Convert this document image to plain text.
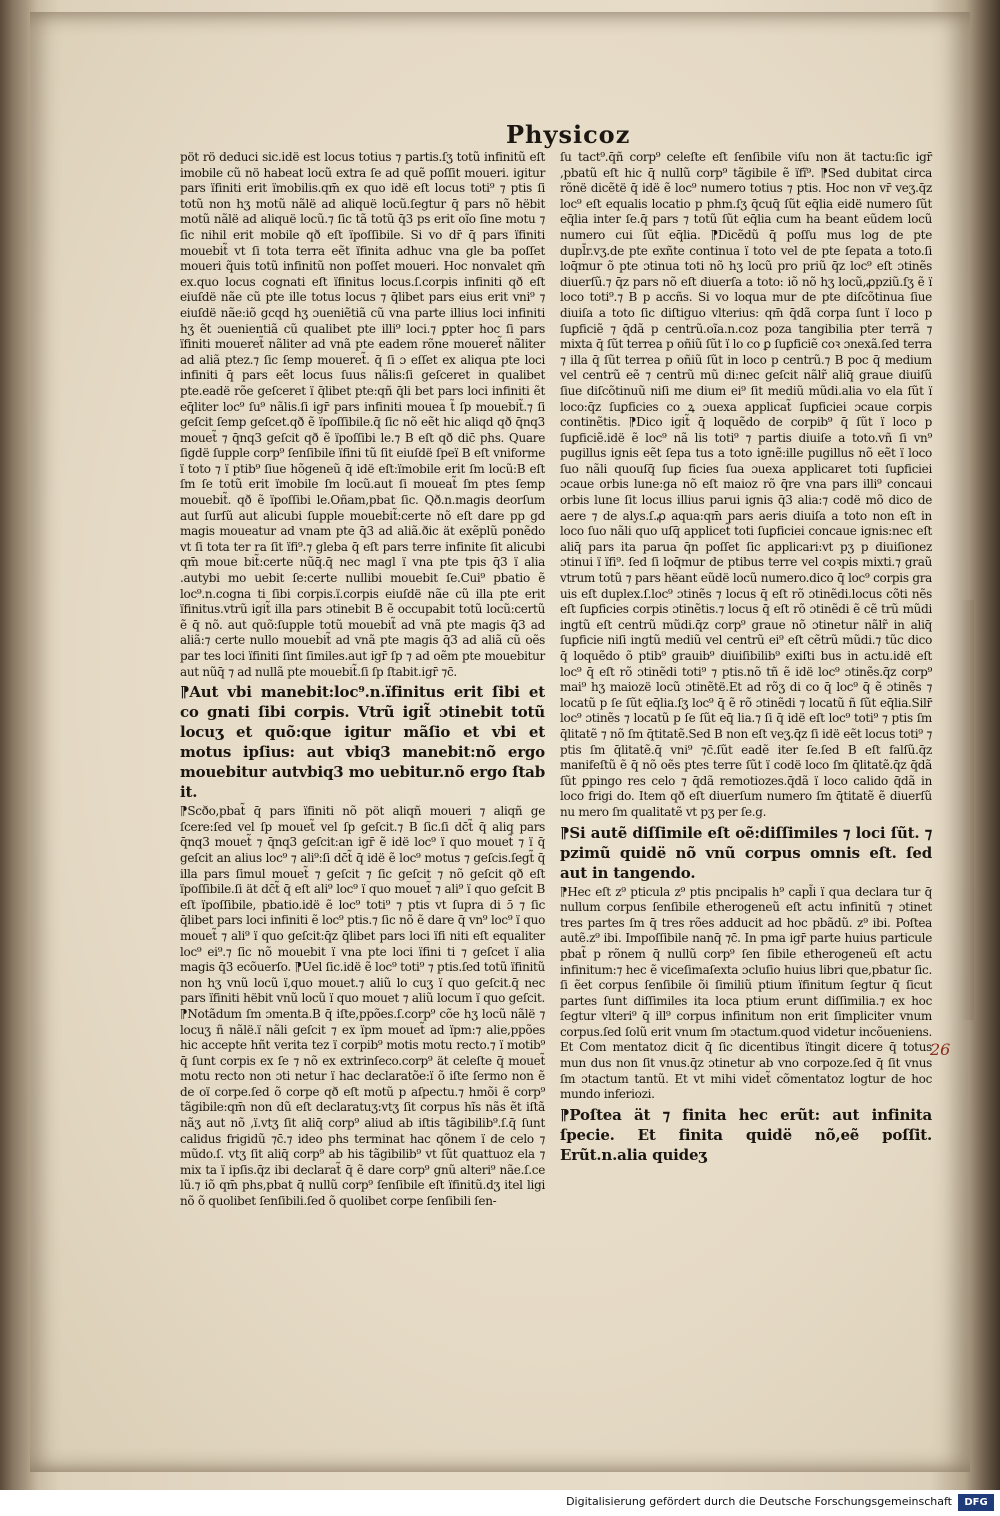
Physicoz

pöt rö deduci sic.idë est locus totius ⁊ partis.ſʒ totũ infinitũ eſt imobile cũ nö habeat locũ extra ſe ad quẽ poſſit moueri. igitur pars ïfiniti erit ïmobilis.qm̄ ex quo idë eſt locus toti⁹ ⁊ ptis ſi totũ non hʒ motũ nãlë ad aliquë locũ.ſegtur q̄ pars nõ hëbit motũ nãlë ad aliquë locũ.⁊ ſic tã totũ q̄3 ps erit oĩo ſine motu ⁊ ſic nihil erit mobile qð eſt ïpoſſibile. Si vo dr̄ q̄ pars ïfiniti mouebit̃ vt ſi tota terra eẽt ïfinita adhuc vna gle ba poſſet moueri q̃uis totũ infinitũ non poſſet moueri. Hoc nonvalet qm̄ ex.quo locus cognati eſt ïfinitus locus.ſ.corpis infiniti qð eſt eiuſdë nãe cũ pte ille totus locus ⁊ q̄libet pars eius erit vni⁹ ⁊ eiuſdë nãe:iõ gcqd hʒ ɔueniẽtiã cũ vna parte illius loci infiniti hʒ ẽt ɔuenientiã cũ qualibet pte illi⁹ loci.⁊ ꝑpter hoc ſi pars ïfiniti moueret̃ nãliter ad vnã pte eadem rõne moueret̃ nãliter ad aliã ptez.⁊ ſic ſemp moueret̃. q̄ ſi ɔ eſſet ex aliqua pte loci infiniti q̄ pars eẽt locus ſuus nãlis:ſi geſceret in qualibet pte.eadë rõe geſceret ï q̄libet pte:qñ q̄li bet pars loci infiniti ẽt eq̄liter loc⁹ ſu⁹ nãlis.ſi igr̄ pars infiniti mouea t̃ ſp mouebit̃.⁊ ſi geſcit ſemp geſcet.qð ẽ ïpoſſibile.q̄ ſic nõ eẽt hic aliqd qð q̄nq3 mouet̃ ⁊ q̄nq3 geſcit qð ẽ ïpoſſibi le.⁊ B eſt qð dic̄ phs. Quare ſigdë ſupple corp⁹ ſenſibile ïfini tũ ſit eiuſdë ſpeï B eſt vniforme ï toto ⁊ ï ptib⁹ ſiue hõgeneũ q̄ idë eſt:ïmobile erit ſm locũ:B eſt ſm ſe totũ erit ïmobile ſm locũ.aut ſi moueat̃ ſm ptes ſemp mouebit̃. qð ẽ ïpoſſibi le.Oñam,pbat ſic. Qð.n.magis deorſum aut ſurſũ aut alicubi ſupple mouebit̃:certe nõ eſt dare pp gd magis moueatur ad vnam pte q̄3 ad aliã.ðic ät exẽplũ ponẽdo vt ſi tota ter ra ſit ïfi⁹.⁊ gleba q̄ eſt pars terre infinite ſit alicubi qm̄ moue bit̃:certe nũq̄.q̄ nec magl ï vna pte tpis q̄3 ï alia .autybi mo uebit ſe:certe nullibi mouebit ſe.Cui⁹ pbatio ẽ loc⁹.n.cogna ti ſibi corpis.ï.corpis eiuſdë nãe cũ illa pte erit ïfinitus.vtrũ igit̃ illa pars ɔtinebit B ẽ occupabit totũ locũ:certũ ẽ q̄ nõ. aut quõ:ſupple totũ mouebit̃ ad vnã pte magis q̄3 ad aliã:⁊ certe nullo mouebit̃ ad vnã pte magis q̄3 ad aliã cũ oẽs par tes loci ïfiniti ſint ſimiles.aut igr̄ ſp ⁊ ad oẽm pte mouebitur aut nũq̄ ⁊ ad nullã pte mouebit̃.ſi ſp ſtabit.igr̄ ⁊c̄.

⁋Aut vbi manebit:loc⁹.n.ïfinitus erit ſibi et co gnati ſibi corpis. Vtrũ igit̃ ɔtinebit totũ locuʒ et quõ:que igitur mãſio et vbi et motus ipſius: aut vbiq3 manebit:nõ ergo mouebitur autvbiq3 mo uebitur.nõ ergo ſtab it.

⁋Scðo,pbat̃ q̄ pars ïfiniti nõ pöt aliqñ moueri ⁊ aliqñ ge ſcere:ſed vel ſp mouet̃ vel ſp geſcit.⁊ B ſic.ſi dc̄t̃ q̄ aliq pars q̄nq3 mouet̃ ⁊ q̄nq3 geſcit:an igr̄ ẽ idë loc⁹ ï quo mouet̃ ⁊ ï q̄ geſcit an alius loc⁹ ⁊ ali⁹:ſi dc̄t̃ q̄ idë ẽ loc⁹ motus ⁊ geſcis.ſegt̃ q̄ illa pars ſimul mouet̃ ⁊ geſcit ⁊ ſic geſcit ⁊ nõ geſcit qð eſt ïpoſſibile.ſi ät dc̄t̃ q̄ eſt ali⁹ loc⁹ ï quo mouet̃ ⁊ ali⁹ ï quo geſcit B eſt ïpoſſibile, pbatio.idë ẽ loc⁹ toti⁹ ⁊ ptis vt ſupra di ɔ̄ ⁊ ſic q̄libet pars loci infiniti ẽ loc⁹ ptis.⁊ ſic nõ ẽ dare q̄ vn⁹ loc⁹ ï quo mouet̃ ⁊ ali⁹ ï quo geſcit:q̄z q̄libet pars loci ïfi niti eſt equaliter loc⁹ ei⁹.⁊ ſic nõ mouebit ï vna pte loci ïfini ti ⁊ geſcet ï alia magis q̄3 ecõuerſo. ⁋Uel ſic.idë ẽ loc⁹ toti⁹ ⁊ ptis.ſed totũ ïfinitũ non hʒ vnũ locũ ï,quo mouet.⁊ aliũ lo cuʒ ï quo geſcit.q̄ nec pars ïfiniti hëbit vnũ locũ ï quo mouet ⁊ aliũ locum ï quo geſcit. ⁋Notãdum ſm ɔmenta.B q̄ iſte,ppões.ſ.corp⁹ cõe hʒ locũ nãlë ⁊ locuʒ ñ nãlë.ï nãli geſcit ⁊ ex ïpm mouet̃ ad ïpm:⁊ alie,ppões hic accepte hñt verita tez ï corpib⁹ motis motu recto.⁊ ï motib⁹ q̄ ſunt corpis ex ſe ⁊ nõ ex extrinſeco.corp⁹ ät celeſte q̄ mouet̃ motu recto non ɔti netur ï hac declaratõe:ï õ iſte ſermo non ẽ de oï corpe.ſed õ corpe qð eſt motũ p aſpectu.⁊ hmõi ẽ corp⁹ tãgibile:qm̄ non dũ eſt declaratuʒ:vtʒ ſit corpus hĩs nãs ẽt iſtã nãʒ aut nõ ,ï.vtʒ ſit aliq̄ corp⁹ aliud ab iſtis tãgibilib⁹.ſ.q̄ ſunt calidus frigidũ ⁊c̄.⁊ ideo phs terminat hac qõnem ï de celo ⁊ mũdo.ſ. vtʒ ſit aliq̄ corp⁹ ab his tãgibilib⁹ vt ſũt quattuoz ela ⁊ mix ta ï ipſis.q̄z ibi declarat̃ q̄ ẽ dare corp⁹ gnũ alteri⁹ nãe.ſ.ce lũ.⁊ iõ qm̄ phs,pbat q̄ nullũ corp⁹ ſenſibile eſt ïfinitũ.dʒ itel ligi nõ õ quolibet ſenſibili.ſed õ quolibet corpe ſenſibili ſen-

ſu tact⁹.q̄ñ corp⁹ celeſte eſt ſenſibile viſu non ät tactu:ſic igr̄ ,pbatũ eſt hic q̄ nullũ corp⁹ tãgibile ẽ ïfĩ⁹. ⁋Sed dubitat circa rõnë dicẽtë q̄ idë ẽ loc⁹ numero totius ⁊ ptis. Hoc non vr̄ veʒ.q̄z loc⁹ eſt equalis locatio p phm.ſʒ q̄cuq̄ ſũt eq̄lia eidë numero ſũt eq̄lia inter ſe.q̄ pars ⁊ totũ ſũt eq̄lia cum ha beant eũdem locũ numero cui ſũt eq̄lia. ⁋Dicẽdũ q̄ poſſu mus log de pte dupl̄r.vʒ.de pte exñte continua ï toto vel de pte ſepata a toto.ſi loq̄mur õ pte ɔtinua toti nõ hʒ locũ pro priũ q̄z loc⁹ eſt ɔtinẽs diuerſũ.⁊ q̄z pars nõ eſt diuerſa a toto: iõ nõ hʒ locũ,ꝓpziũ.ſʒ ẽ ï loco toti⁹.⁊ B p accñs. Si vo loqua mur de pte diſcõtinua ſiue diuiſa a toto ſic diſtiguo vlterius: qm̄ q̄dã corpa ſunt ï loco p ſuꝑficiẽ ⁊ q̄dã p centrũ.oĩa.n.coz poza tangibilia pter terrã ⁊ mixta q̄ ſũt terrea p oñiũ ſũt ï lo co ꝑ ſuꝑficiẽ coꝛ ɔnexã.ſed terra ⁊ illa q̄ ſũt terrea p oñiũ ſũt in loco p centrũ.⁊ B poc q̄ medium vel centrũ eẽ ⁊ centrũ mũ di:nec geſcit nãlr̃ aliq̄ graue diuiſũ ſiue diſcõtinuũ niſi me dium ei⁹ ſit mediũ mũdi.alia vo ela ſũt ï loco:q̄z ſuꝑficies co ꝝ ɔuexa applicat̃ ſuꝑficiei ɔcaue corpis continẽtis. ⁋Dico igit̃ q̄ loquẽdo de corpib⁹ q̄ ſũt ï loco p ſuꝑficiẽ.idë ẽ loc⁹ nã lis toti⁹ ⁊ partis diuiſe a toto.vñ ſi vn⁹ pugillus ignis eẽt ſepa tus a toto ignẽ:ille pugillus nõ eẽt ï loco ſuo nãli quouſq̄ ſuꝑ ficies ſua ɔuexa applicaret toti ſuꝑficiei ɔcaue orbis lune:ga nõ eſt maioz rõ q̄re vna pars illi⁹ concaui orbis lune ſit locus illius parui ignis q̄3 alia:⁊ codë mõ dico de aere ⁊ de alys.ſ.ꝓ aqua:qm̄ pars aeris diuiſa a toto non eſt in loco ſuo nãli quo uſq̄ applicet̃ toti ſuꝑficiei concaue ignis:nec eſt aliq̄ pars ita parua q̄n poſſet ſic applicari:vt pʒ p diuiſionez ɔtinui ï ïfi⁹. ſed ſi loq̄mur de ptibus terre vel coꝛpis mixti.⁊ graũ vtrum totũ ⁊ pars hëant eũdë locũ numero.dico q̄ loc⁹ corpis gra uis eſt duplex.ſ.loc⁹ ɔtinẽs ⁊ locus q̄ eſt rõ ɔtinẽdi.locus cõti nẽs eſt ſuꝑficies corpis ɔtinẽtis.⁊ locus q̄ eſt rõ ɔtinẽdi ẽ cẽ trũ mũdi ingtũ eſt centrũ mũdi.q̄z corp⁹ graue nõ ɔtinetur nãlr̃ in aliq̄ ſuꝑficie niſi ingtũ mediũ vel centrũ ei⁹ eſt cẽtrũ mũdi.⁊ tũc dico q̄ loquẽdo õ ptib⁹ grauib⁹ diuiſibilib⁹ exiſti bus in actu.idë eſt loc⁹ q̄ eſt rõ ɔtinẽdi toti⁹ ⁊ ptis.nõ tñ ẽ idë loc⁹ ɔtinẽs.q̄z corp⁹ mai⁹ hʒ maiozë locũ ɔtinẽtë.Et ad rõʒ di co q̄ loc⁹ q̄ ẽ ɔtinẽs ⁊ locatũ p ſe ſũt eq̄lia.ſʒ loc⁹ q̄ ẽ rõ ɔtinẽdi ⁊ locatũ ñ ſũt eq̄lia.Silr̄ loc⁹ ɔtinẽs ⁊ locatũ p ſe ſũt eq̄ lia.⁊ ſi q̄ idë eſt loc⁹ toti⁹ ⁊ ptis ſm q̄litatẽ ⁊ nõ ſm q̄titatẽ.Sed B non eſt veʒ.q̄z ſi idë eẽt locus toti⁹ ⁊ ptis ſm q̄litatẽ.q̄ vni⁹ ⁊c̄.ſũt eadẽ iter ſe.ſed B eſt falſũ.q̄z manifeſtũ ẽ q̄ nõ oẽs ptes terre ſũt ï codë loco ſm q̄litatẽ.q̄z q̄dã ſũt ꝑpingo res celo ⁊ q̄dã remotiozes.q̄dã ï loco calido q̄dã in loco frigi do. Item qð eſt diuerſum numero ſm q̄titatẽ ẽ diuerſũ nu mero ſm qualitatẽ vt pʒ per ſe.g.

⁋Si autẽ diſſimile eſt oẽ:diſſimiles ⁊ loci ſũt. ⁊ pzimũ quidë nõ vnũ corpus omnis eſt. ſed aut in tangendo.

⁋Hec eſt z⁹ pticula z⁹ ptis pncipalis h⁹ capl̃i ï qua declara tur q̄ nullum corpus ſenſibile etherogeneũ eſt actu infinitũ ⁊ ɔtinet tres partes ſm q̄ tres rões adducit ad hoc pbãdũ. z⁹ ibi. Poſtea autẽ.z⁹ ibi. Impoſſibile nanq̄ ⁊c̄. In pma igr̄ parte huius particule pbat̃ p rõnem q̄ nullũ corp⁹ ſen ſibile etherogeneũ eſt actu infinitum:⁊ hec ẽ viceſimaſexta ɔcluſio huius libri que,pbatur ſic. ſi ẽet corpus ſenſibile õi ſimiliũ ptium ïfinitum ſegtur q̄ ſicut partes ſunt diſſimiles ita loca ptium erunt diſſimilia.⁊ ex hoc ſegtur vlteri⁹ q̄ ill⁹ corpus infinitum non erit ſimpliciter vnum corpus.ſed ſolũ erit vnum ſm ɔtactum.quod videtur incõueniens. Et Com mentatoz dicit q̄ ſic dicentibus ïtingit dicere q̄ totus mun dus non ſit vnus.q̄z ɔtinetur ab vno corpoze.ſed q̄ ſit vnus ſm ɔtactum tantũ. Et vt mihi videt̃ cõmentatoz logtur de hoc mundo inferiozi.

⁋Poſtea ät ⁊ finita hec erũt: aut infinita ſpecie. Et finita quidë nõ,eẽ poſſit. Erũt.n.alia quideʒ

26
Digitalisierung gefördert durch die Deutsche Forschungsgemeinschaft	DFG
